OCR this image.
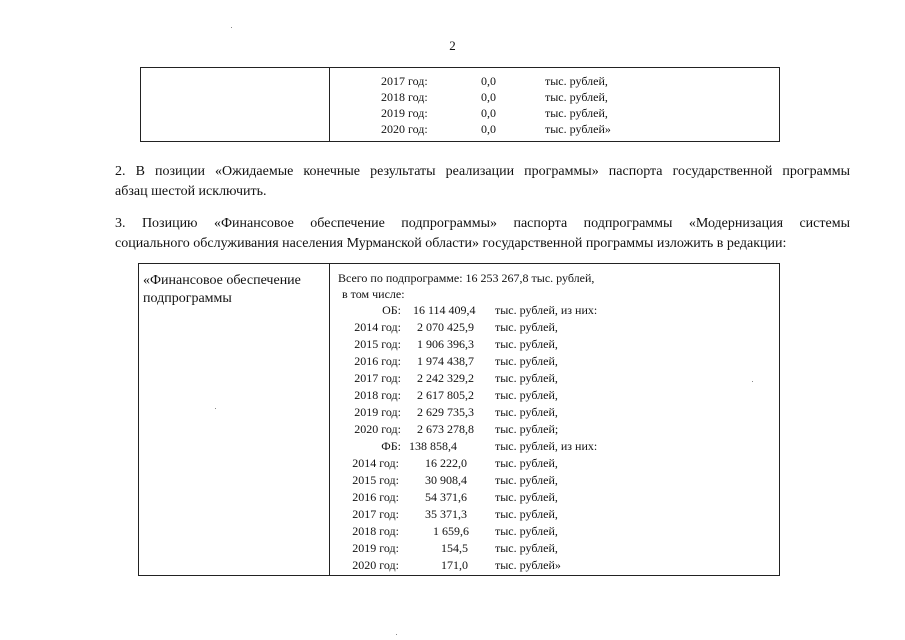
2
2017 год:	0,0	тыс. рублей,
2018 год:	0,0	тыс. рублей,
2019 год:	0,0	тыс. рублей,
2020 год:	0,0	тыс. рублей»
2. В позиции «Ожидаемые конечные результаты реализации программы» паспорта государственной программы
абзац шестой исключить.
3. Позицию «Финансовое обеспечение подпрограммы» паспорта подпрограммы «Модернизация системы
социального обслуживания населения Мурманской области» государственной программы изложить в редакции:
«Финансовое обеспечение
подпрограммы
Всего по подпрограмме: 16 253 267,8 тыс. рублей,
в том числе:
ОБ: 16 114 409,4 тыс. рублей, из них:
2014 год: 2 070 425,9 тыс. рублей,
2015 год: 1 906 396,3 тыс. рублей,
2016 год: 1 974 438,7 тыс. рублей,
2017 год: 2 242 329,2 тыс. рублей,
2018 год: 2 617 805,2 тыс. рублей,
2019 год: 2 629 735,3 тыс. рублей,
2020 год: 2 673 278,8 тыс. рублей;
ФБ: 138 858,4	тыс. рублей, из них:
2014 год: 16 222,0 тыс. рублей,
2015 год: 30 908,4 тыс. рублей,
2016 год: 54 371,6 тыс. рублей,
2017 год: 35 371,3 тыс. рублей,
2018 год:	1 659,6 тыс. рублей,
2019 год:	154,5 тыс. рублей,
2020 год:	171,0 тыс. рублей»
